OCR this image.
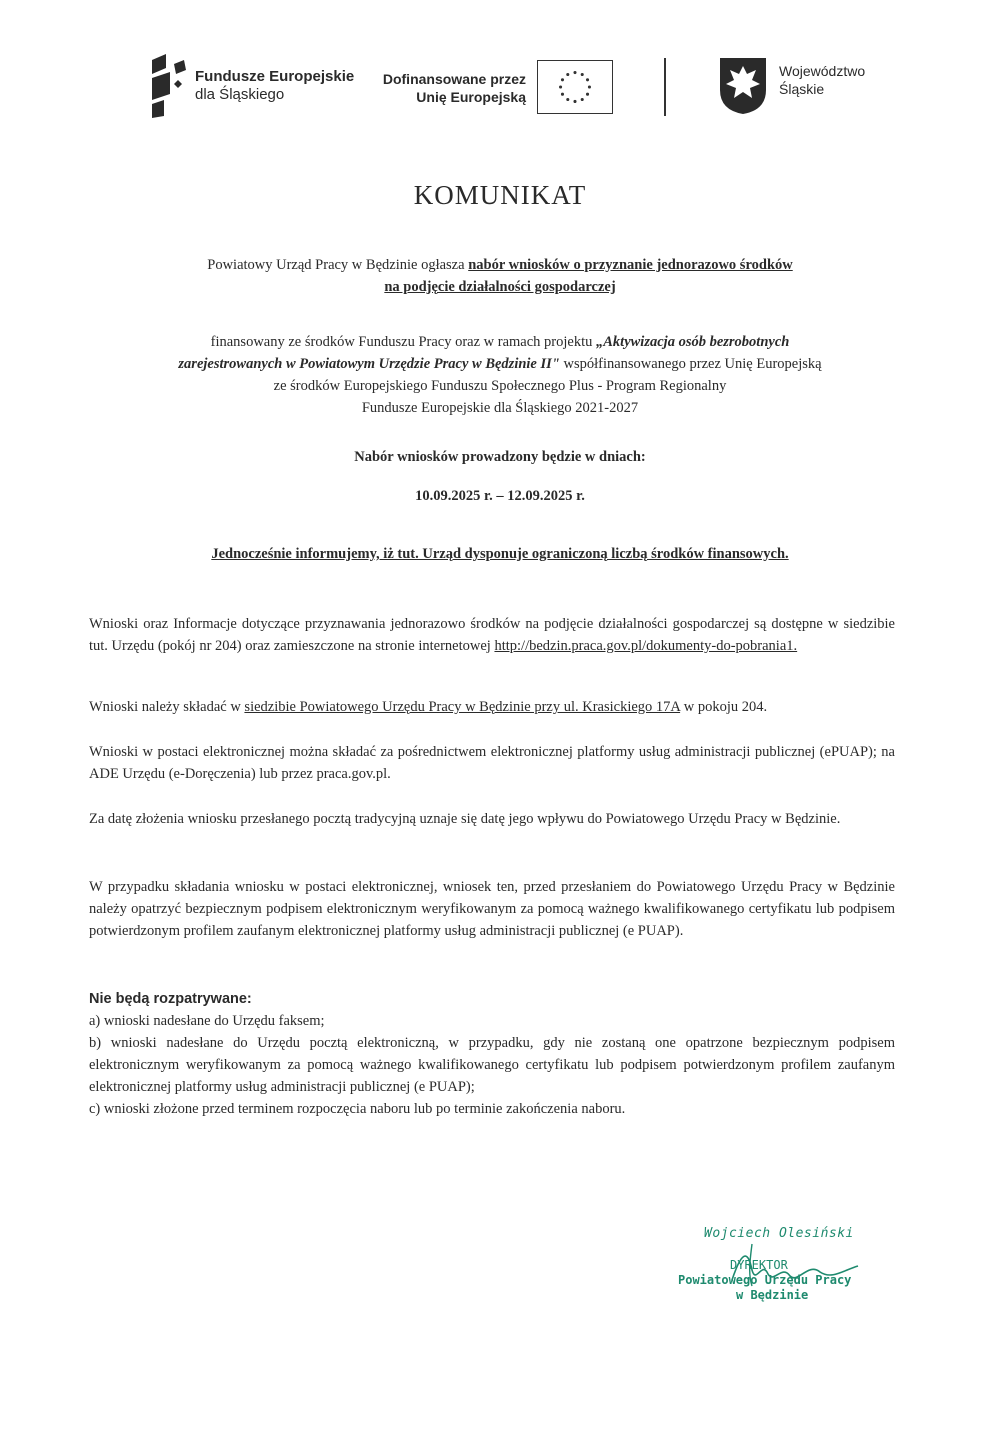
Fundusze Europejskie
dla Śląskiego
Dofinansowane przez
Unię Europejską
Województwo
Śląskie
KOMUNIKAT
Powiatowy Urząd Pracy w Będzinie ogłasza nabór wniosków o przyznanie jednorazowo środków
na podjęcie działalności gospodarczej
finansowany ze środków Funduszu Pracy oraz w ramach projektu „Aktywizacja osób bezrobotnych
zarejestrowanych w Powiatowym Urzędzie Pracy w Będzinie II" współfinansowanego przez Unię Europejską
ze środków Europejskiego Funduszu Społecznego Plus - Program Regionalny
Fundusze Europejskie dla Śląskiego 2021-2027
Nabór wniosków prowadzony będzie w dniach:
10.09.2025 r. – 12.09.2025 r.
Jednocześnie informujemy, iż tut. Urząd dysponuje ograniczoną liczbą środków finansowych.
Wnioski oraz Informacje dotyczące przyznawania jednorazowo środków na podjęcie działalności gospodarczej są dostępne w siedzibie tut. Urzędu (pokój nr 204) oraz zamieszczone na stronie internetowej http://bedzin.praca.gov.pl/dokumenty-do-pobrania1.
Wnioski należy składać w siedzibie Powiatowego Urzędu Pracy w Będzinie przy ul. Krasickiego 17A w pokoju 204.
Wnioski w postaci elektronicznej można składać za pośrednictwem elektronicznej platformy usług administracji publicznej (ePUAP); na ADE Urzędu (e-Doręczenia) lub przez praca.gov.pl.
Za datę złożenia wniosku przesłanego pocztą tradycyjną uznaje się datę jego wpływu do Powiatowego Urzędu Pracy w Będzinie.
W przypadku składania wniosku w postaci elektronicznej, wniosek ten, przed przesłaniem do Powiatowego Urzędu Pracy w Będzinie należy opatrzyć bezpiecznym podpisem elektronicznym weryfikowanym za pomocą ważnego kwalifikowanego certyfikatu lub podpisem potwierdzonym profilem zaufanym elektronicznej platformy usług administracji publicznej (e PUAP).
Nie będą rozpatrywane:
a) wnioski nadesłane do Urzędu faksem;
b) wnioski nadesłane do Urzędu pocztą elektroniczną, w przypadku, gdy nie zostaną one opatrzone bezpiecznym podpisem elektronicznym weryfikowanym za pomocą ważnego kwalifikowanego certyfikatu lub podpisem potwierdzonym profilem zaufanym elektronicznej platformy usług administracji publicznej (e PUAP);
c) wnioski złożone przed terminem rozpoczęcia naboru lub po terminie zakończenia naboru.
Wojciech Olesiński
DYREKTOR
Powiatowego Urzędu Pracy
w Będzinie
